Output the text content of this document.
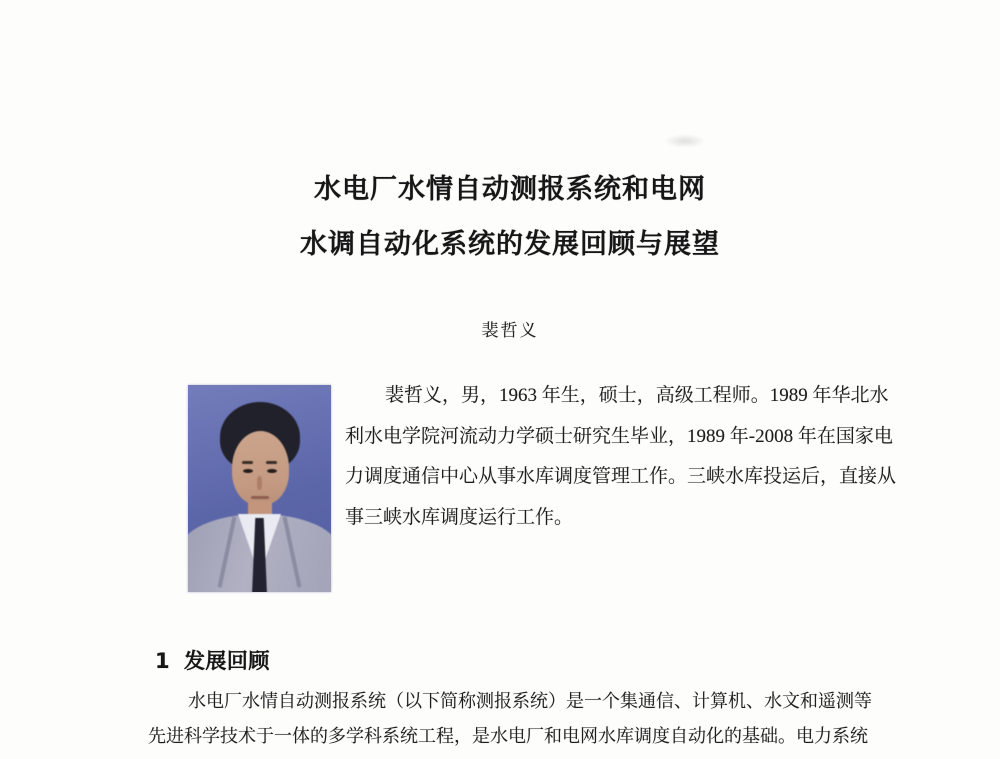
水电厂水情自动测报系统和电网
水调自动化系统的发展回顾与展望
裴哲义
裴哲义，男，1963 年生，硕士，高级工程师。1989 年华北水
利水电学院河流动力学硕士研究生毕业，1989 年-2008 年在国家电
力调度通信中心从事水库调度管理工作。三峡水库投运后，直接从
事三峡水库调度运行工作。
1 发展回顾
水电厂水情自动测报系统（以下简称测报系统）是一个集通信、计算机、水文和遥测等
先进科学技术于一体的多学科系统工程，是水电厂和电网水库调度自动化的基础。电力系统
